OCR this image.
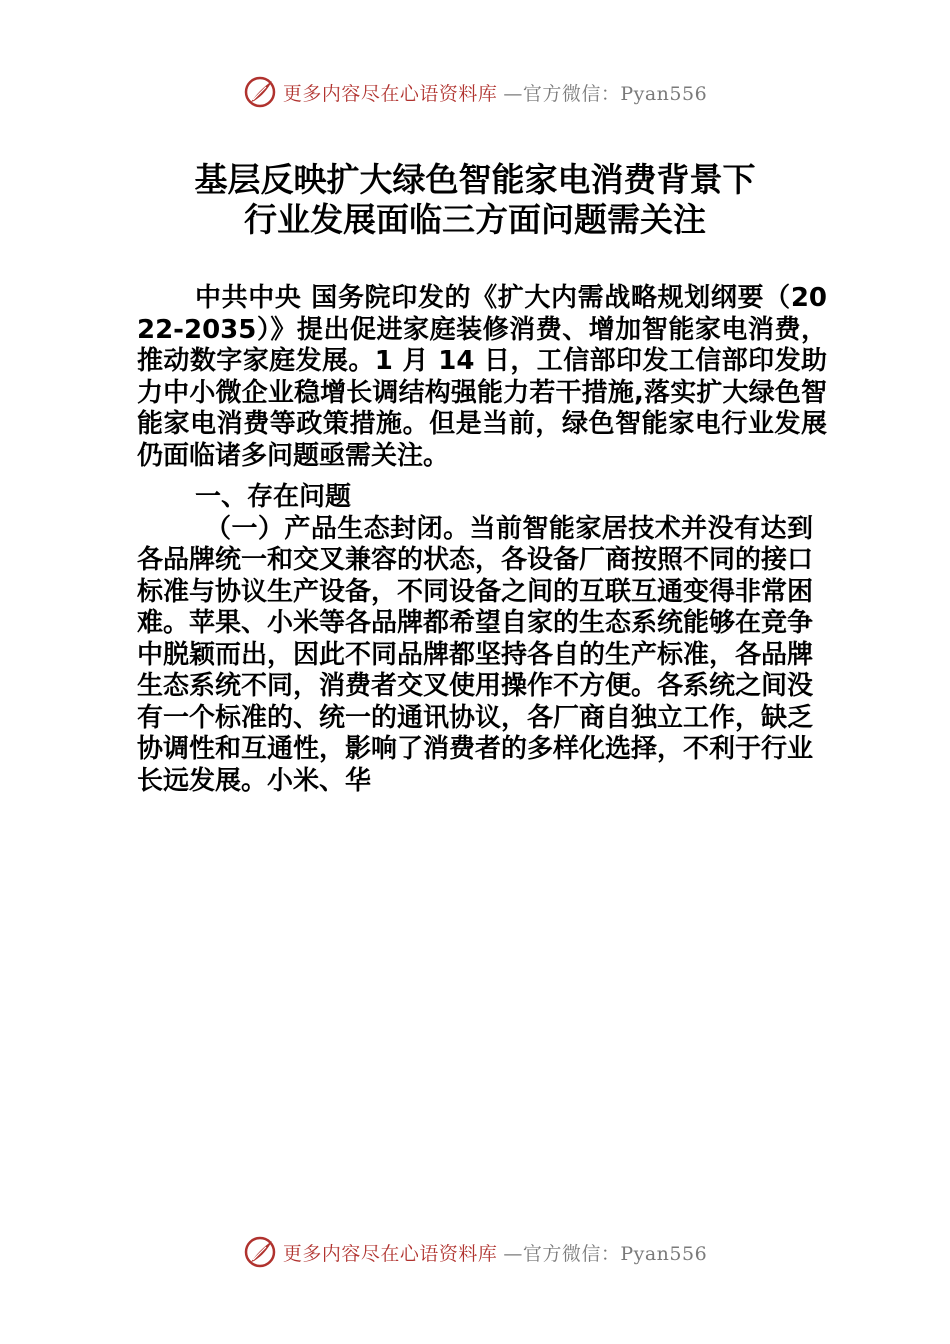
更多内容尽在心语资料库 —官方微信：Pyan556
基层反映扩大绿色智能家电消费背景下
行业发展面临三方面问题需关注

中共中央 国务院印发的《扩大内需战略规划纲要（2022-2035）》提出促进家庭装修消费、增加智能家电消费，推动数字家庭发展。1 月 14 日，工信部印发工信部印发助力中小微企业稳增长调结构强能力若干措施,落实扩大绿色智能家电消费等政策措施。但是当前，绿色智能家电行业发展仍面临诸多问题亟需关注。

一、存在问题

（一）产品生态封闭。当前智能家居技术并没有达到各品牌统一和交叉兼容的状态，各设备厂商按照不同的接口标准与协议生产设备，不同设备之间的互联互通变得非常困难。苹果、小米等各品牌都希望自家的生态系统能够在竞争中脱颖而出，因此不同品牌都坚持各自的生产标准，各品牌生态系统不同，消费者交叉使用操作不方便。各系统之间没有一个标准的、统一的通讯协议，各厂商自独立工作，缺乏协调性和互通性，影响了消费者的多样化选择，不利于行业长远发展。小米、华

更多内容尽在心语资料库 —官方微信：Pyan556
